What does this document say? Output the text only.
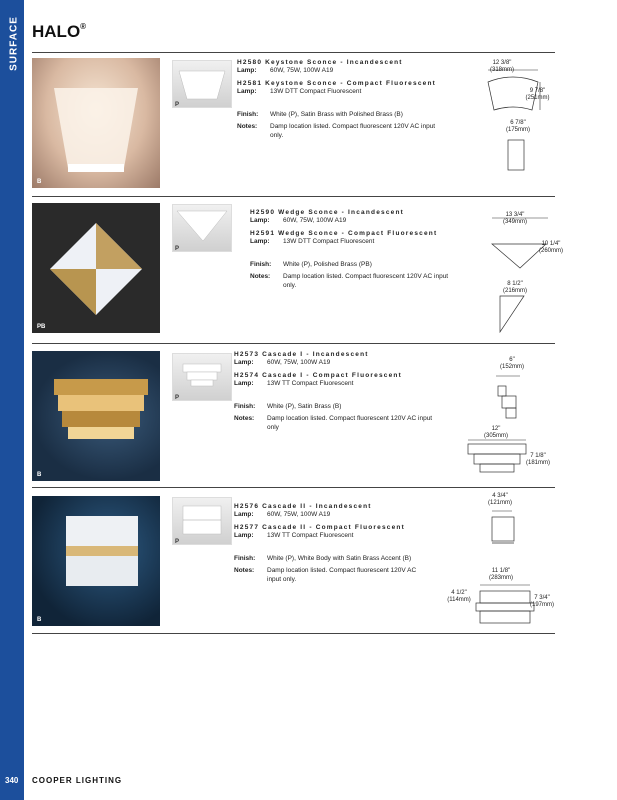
SURFACE HALO®
B
P
H2580 Keystone Sconce - Incandescent
Lamp:	60W, 75W, 100W A19
H2581 Keystone Sconce - Compact Fluorescent
Lamp:	13W DTT Compact Fluorescent
Finish:	White (P), Satin Brass with Polished Brass (B)
Notes:	Damp location listed. Compact fluorescent 120V AC input only.
12 3/8"
(318mm)
9 7/8"
(251mm)
6 7/8"
(175mm)
PB
P
H2590 Wedge Sconce - Incandescent
Lamp:	60W, 75W, 100W A19
H2591 Wedge Sconce - Compact Fluorescent
Lamp:	13W DTT Compact Fluorescent
Finish:	White (P), Polished Brass (PB)
Notes:	Damp location listed. Compact fluorescent 120V AC input only.
13 3/4"
(349mm)
10 1/4"
(260mm)
8 1/2"
(216mm)
B
P
H2573 Cascade I - Incandescent
Lamp:	60W, 75W, 100W A19
H2574 Cascade I - Compact Fluorescent
Lamp:	13W TT Compact Fluorescent
Finish:	White (P), Satin Brass (B)
Notes:	Damp location listed. Compact fluorescent 120V AC input only
6"
(152mm)
12"
(305mm)
7 1/8"
(181mm)
B
P
H2576 Cascade II - Incandescent
Lamp:	60W, 75W, 100W A19
H2577 Cascade II - Compact Fluorescent
Lamp:	13W TT Compact Fluorescent
Finish:	White (P), White Body with Satin Brass Accent (B)
Notes:	Damp location listed. Compact fluorescent 120V AC input only.
4 3/4"
(121mm)
11 1/8"
(283mm)
4 1/2"
(114mm)	7 3/4"
(197mm)
340 COOPER LIGHTING
